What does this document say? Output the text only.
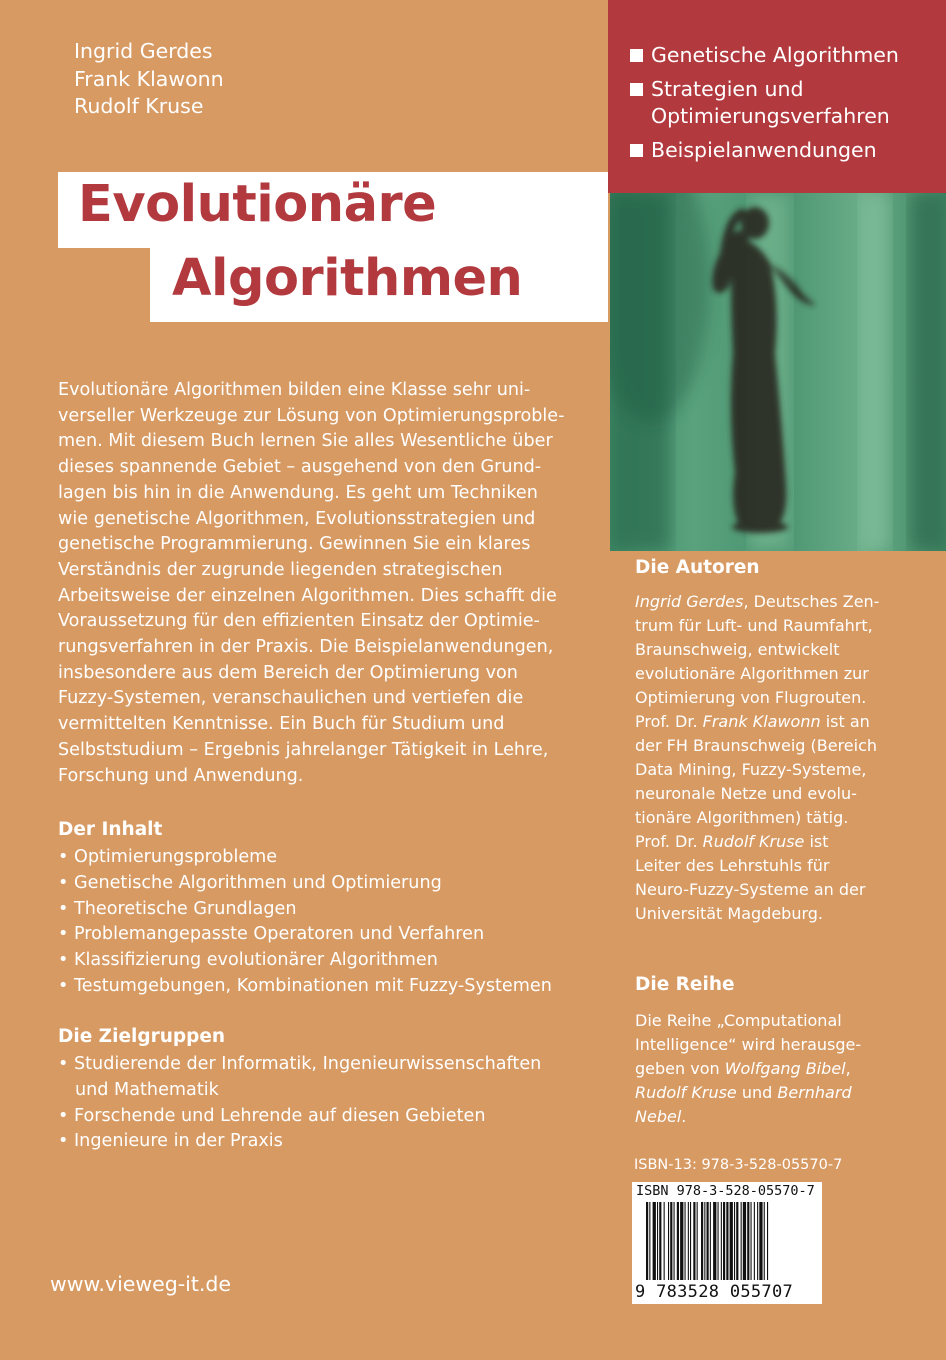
Ingrid Gerdes
Frank Klawonn
Rudolf Kruse
Genetische Algorithmen
Strategien und
Optimierungsverfahren
Beispielanwendungen
Evolutionäre
Algorithmen
Evolutionäre Algorithmen bilden eine Klasse sehr uni-
verseller Werkzeuge zur Lösung von Optimierungsproble-
men. Mit diesem Buch lernen Sie alles Wesentliche über
dieses spannende Gebiet – ausgehend von den Grund-
lagen bis hin in die Anwendung. Es geht um Techniken
wie genetische Algorithmen, Evolutionsstrategien und
genetische Programmierung. Gewinnen Sie ein klares
Verständnis der zugrunde liegenden strategischen
Arbeitsweise der einzelnen Algorithmen. Dies schafft die
Voraussetzung für den effizienten Einsatz der Optimie-
rungsverfahren in der Praxis. Die Beispielanwendungen,
insbesondere aus dem Bereich der Optimierung von
Fuzzy-Systemen, veranschaulichen und vertiefen die
vermittelten Kenntnisse. Ein Buch für Studium und
Selbststudium – Ergebnis jahrelanger Tätigkeit in Lehre,
Forschung und Anwendung.
Der Inhalt
• Optimierungsprobleme
• Genetische Algorithmen und Optimierung
• Theoretische Grundlagen
• Problemangepasste Operatoren und Verfahren
• Klassifizierung evolutionärer Algorithmen
• Testumgebungen, Kombinationen mit Fuzzy-Systemen
Die Zielgruppen
• Studierende der Informatik, Ingenieurwissenschaften
und Mathematik
• Forschende und Lehrende auf diesen Gebieten
• Ingenieure in der Praxis
Die Autoren
Ingrid Gerdes, Deutsches Zen-
trum für Luft- und Raumfahrt,
Braunschweig, entwickelt
evolutionäre Algorithmen zur
Optimierung von Flugrouten.
Prof. Dr. Frank Klawonn ist an
der FH Braunschweig (Bereich
Data Mining, Fuzzy-Systeme,
neuronale Netze und evolu-
tionäre Algorithmen) tätig.
Prof. Dr. Rudolf Kruse ist
Leiter des Lehrstuhls für
Neuro-Fuzzy-Systeme an der
Universität Magdeburg.
Die Reihe
Die Reihe „Computational
Intelligence“ wird herausge-
geben von Wolfgang Bibel,
Rudolf Kruse und Bernhard
Nebel.
ISBN-13: 978-3-528-05570-7
ISBN 978-3-528-05570-7
9 783528 055707
www.vieweg-it.de
